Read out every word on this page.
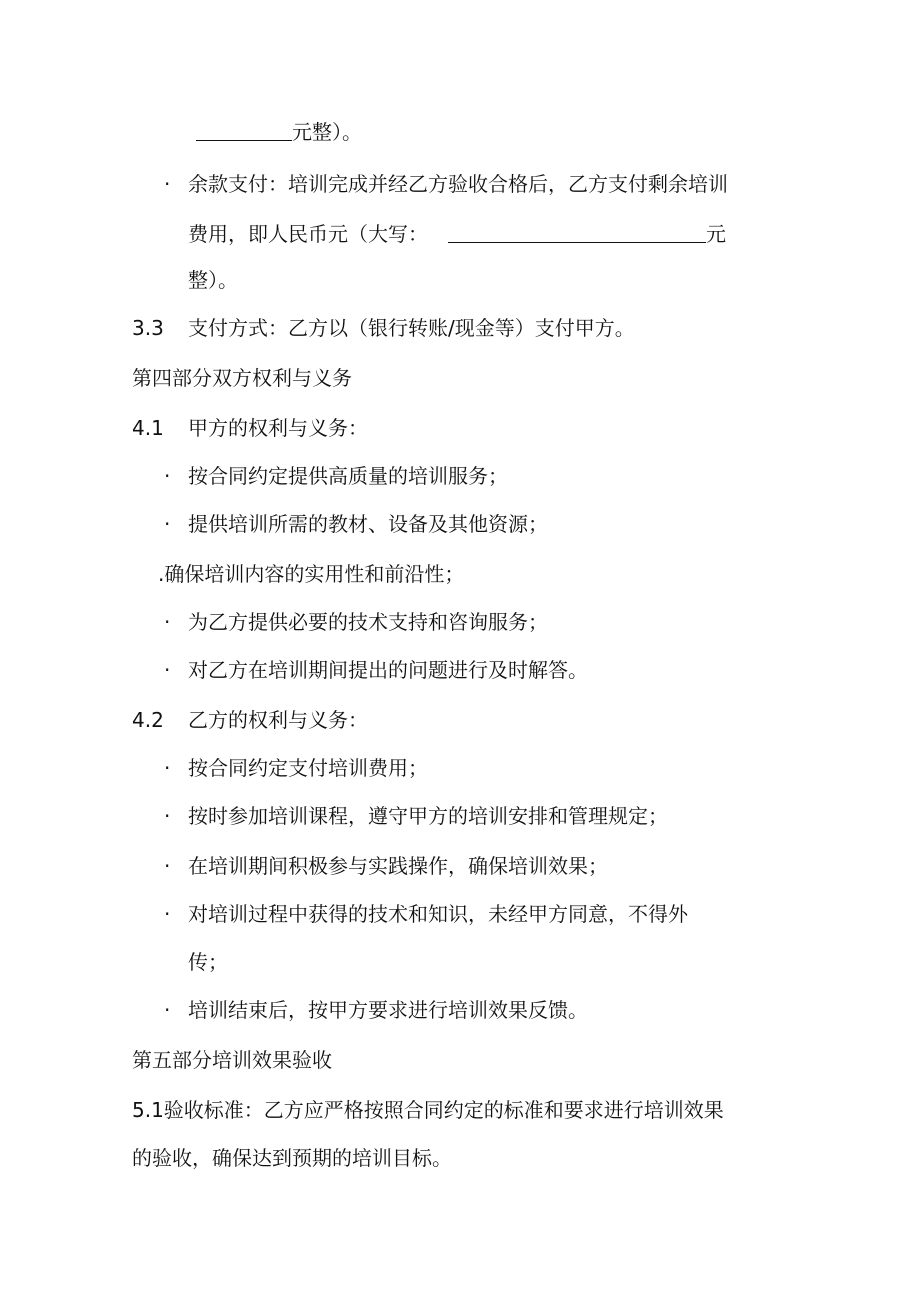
元整）。
· 余款支付：培训完成并经乙方验收合格后，乙方支付剩余培训
费用，即人民币元（大写：	元
整）。
3.3 支付方式：乙方以（银行转账/现金等）支付甲方。
第四部分双方权利与义务
4.1 甲方的权利与义务：
· 按合同约定提供高质量的培训服务；
· 提供培训所需的教材、设备及其他资源；
.确保培训内容的实用性和前沿性；
· 为乙方提供必要的技术支持和咨询服务；
· 对乙方在培训期间提出的问题进行及时解答。
4.2 乙方的权利与义务：
· 按合同约定支付培训费用；
· 按时参加培训课程，遵守甲方的培训安排和管理规定；
· 在培训期间积极参与实践操作，确保培训效果；
· 对培训过程中获得的技术和知识，未经甲方同意，不得外
传；
· 培训结束后，按甲方要求进行培训效果反馈。
第五部分培训效果验收
5.1验收标准：乙方应严格按照合同约定的标准和要求进行培训效果
的验收，确保达到预期的培训目标。
